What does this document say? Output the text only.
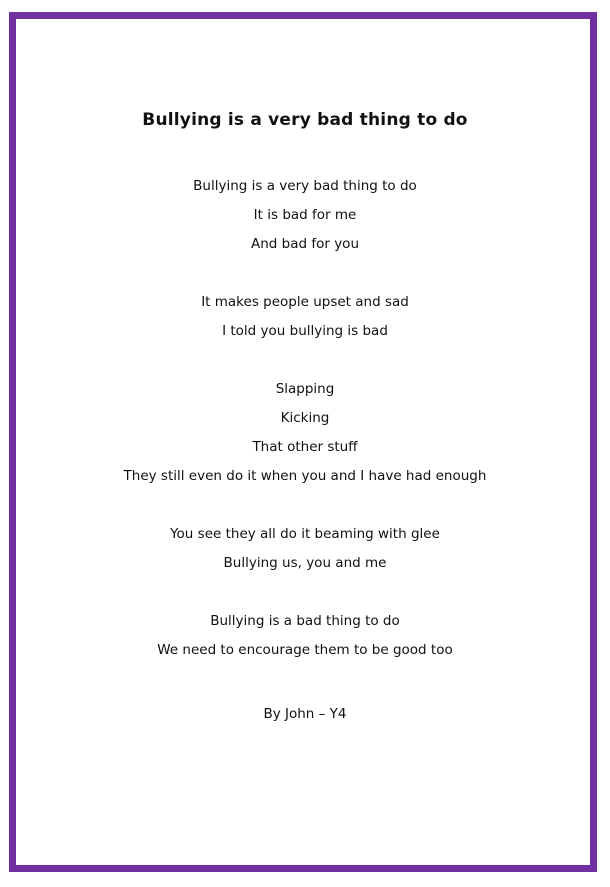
Bullying is a very bad thing to do
Bullying is a very bad thing to do
It is bad for me
And bad for you
It makes people upset and sad
I told you bullying is bad
Slapping
Kicking
That other stuff
They still even do it when you and I have had enough
You see they all do it beaming with glee
Bullying us, you and me
Bullying is a bad thing to do
We need to encourage them to be good too
By John – Y4
